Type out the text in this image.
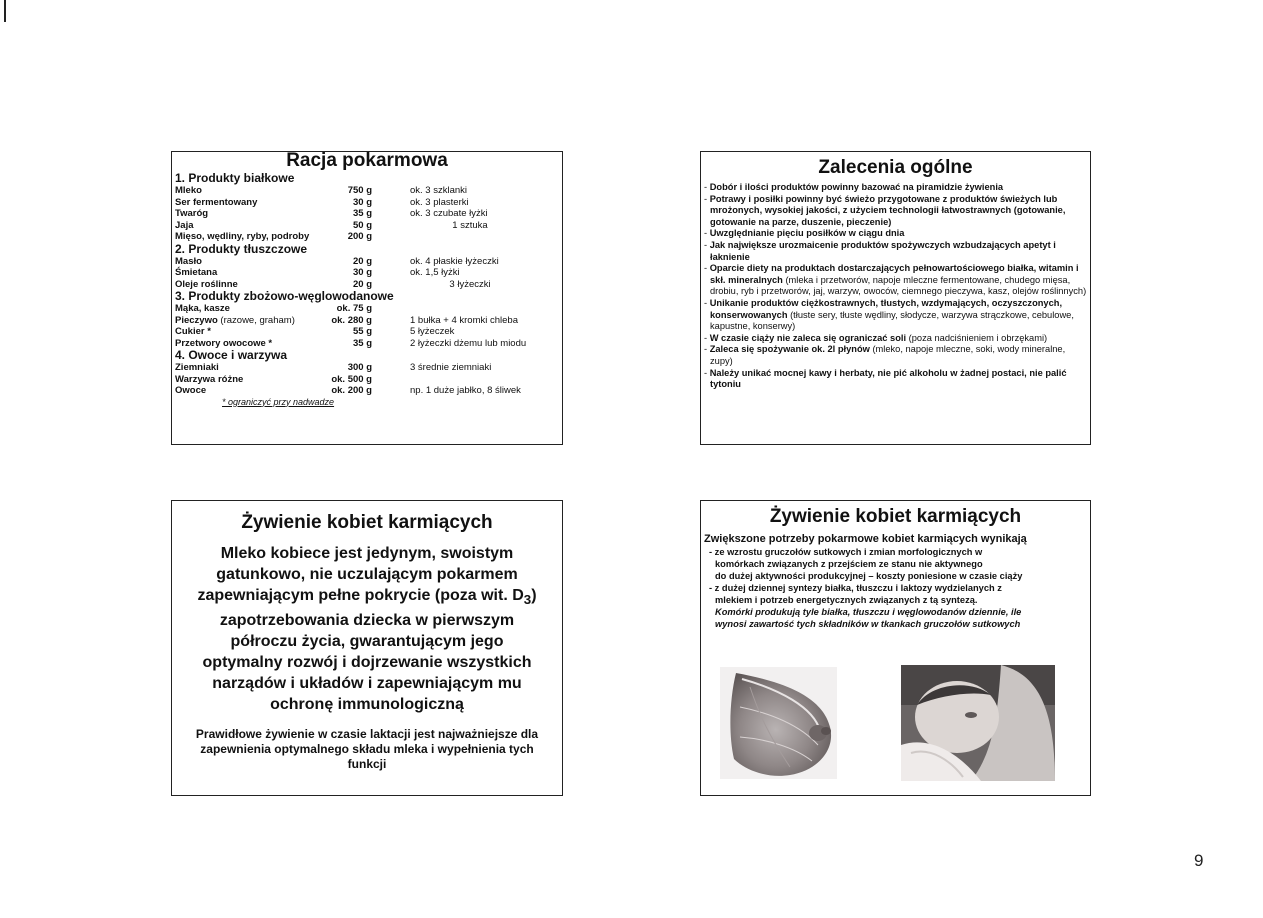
Racja pokarmowa
1. Produkty białkowe
Mleko	750 g	ok. 3 szklanki
Ser fermentowany	30 g	ok. 3 plasterki
Twaróg	35 g	ok. 3 czubate łyżki
Jaja	50 g	1 sztuka
Mięso, wędliny, ryby, podroby	200 g
2. Produkty tłuszczowe
Masło	20 g	ok. 4 płaskie łyżeczki
Śmietana	30 g	ok. 1,5 łyżki
Oleje roślinne	20 g	3 łyżeczki
3. Produkty zbożowo-węglowodanowe
Mąka, kasze	ok. 75 g
Pieczywo (razowe, graham)	ok. 280 g	1 bułka + 4 kromki chleba
Cukier *	55 g	5 łyżeczek
Przetwory owocowe *	35 g	2 łyżeczki dżemu lub miodu
4. Owoce i warzywa
Ziemniaki	300 g	3 średnie ziemniaki
Warzywa różne	ok. 500 g
Owoce	ok. 200 g	np. 1 duże jabłko, 8 śliwek
* ograniczyć przy nadwadze
Zalecenia ogólne
- Dobór i ilości produktów powinny bazować na piramidzie żywienia
- Potrawy i posiłki powinny być świeżo przygotowane z produktów świeżych lub mrożonych, wysokiej jakości, z użyciem technologii łatwostrawnych (gotowanie, gotowanie na parze, duszenie, pieczenie)
- Uwzględnianie pięciu posiłków w ciągu dnia
- Jak największe urozmaicenie produktów spożywczych wzbudzających apetyt i łaknienie
- Oparcie diety na produktach dostarczających pełnowartościowego białka, witamin i skł. mineralnych (mleka i przetworów, napoje mleczne fermentowane, chudego mięsa, drobiu, ryb i przetworów, jaj, warzyw, owoców, ciemnego pieczywa, kasz, olejów roślinnych)
- Unikanie produktów ciężkostrawnych, tłustych, wzdymających, oczyszczonych, konserwowanych (tłuste sery, tłuste wędliny, słodycze, warzywa strączkowe, cebulowe, kapustne, konserwy)
- W czasie ciąży nie zaleca się ograniczać soli (poza nadciśnieniem i obrzękami)
- Zaleca się spożywanie ok. 2l płynów (mleko, napoje mleczne, soki, wody mineralne, zupy)
- Należy unikać mocnej kawy i herbaty, nie pić alkoholu w żadnej postaci, nie palić tytoniu
Żywienie kobiet karmiących
Mleko kobiece jest jedynym, swoistym gatunkowo, nie uczulającym pokarmem zapewniającym pełne pokrycie (poza wit. $D_3$) zapotrzebowania dziecka w pierwszym półroczu życia, gwarantującym jego optymalny rozwój i dojrzewanie wszystkich narządów i układów i zapewniającym mu ochronę immunologiczną
Prawidłowe żywienie w czasie laktacji jest najważniejsze dla zapewnienia optymalnego składu mleka i wypełnienia tych funkcji
Żywienie kobiet karmiących
Zwiększone potrzeby pokarmowe kobiet karmiących wynikają
- ze wzrostu gruczołów sutkowych i zmian morfologicznych w
komórkach związanych z przejściem ze stanu nie aktywnego
do dużej aktywności produkcyjnej – koszty poniesione w czasie ciąży
- z dużej dziennej syntezy białka, tłuszczu i laktozy wydzielanych z
mlekiem i potrzeb energetycznych związanych z tą syntezą.
Komórki produkują tyle białka, tłuszczu i węglowodanów dziennie, ile
wynosi zawartość tych składników w tkankach gruczołów sutkowych
9
